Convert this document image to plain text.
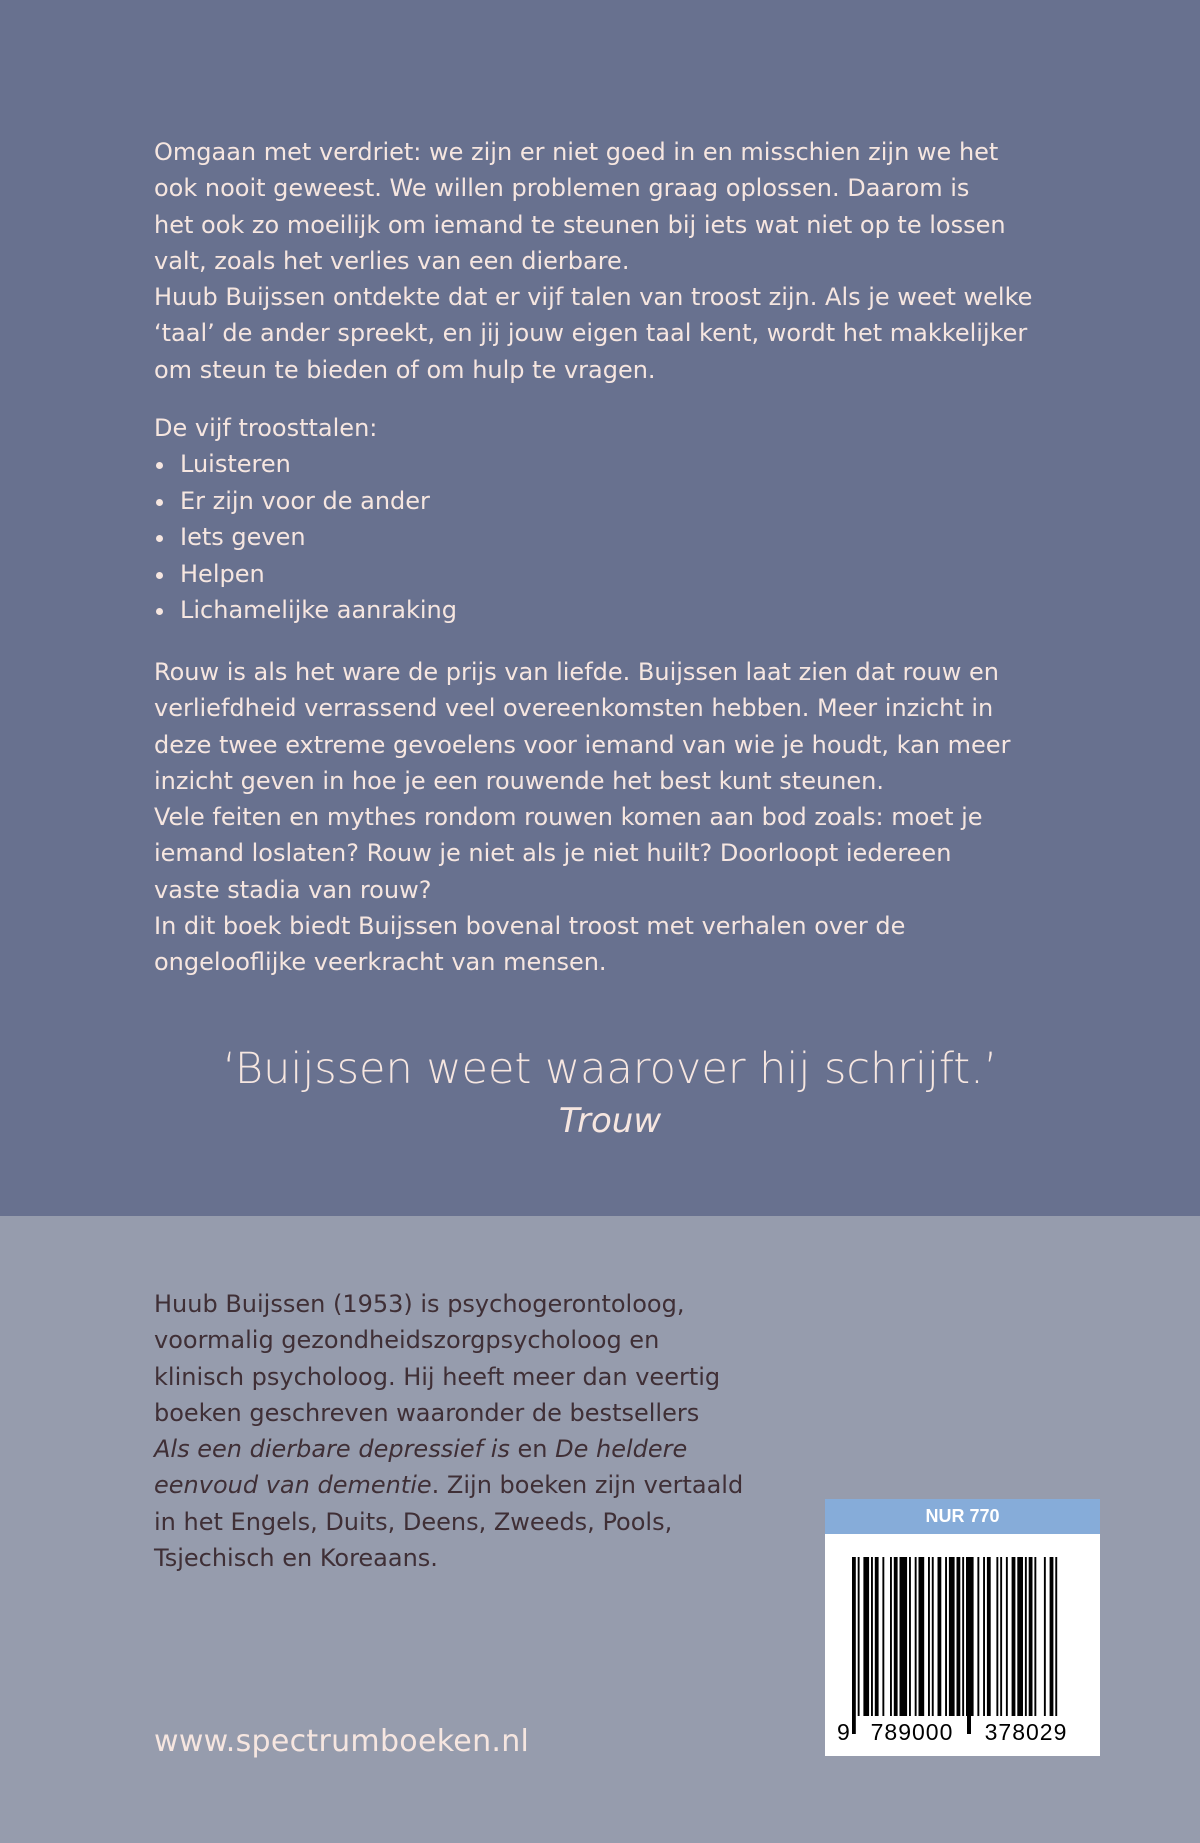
Omgaan met verdriet: we zijn er niet goed in en misschien zijn we het
ook nooit geweest. We willen problemen graag oplossen. Daarom is
het ook zo moeilijk om iemand te steunen bij iets wat niet op te lossen
valt, zoals het verlies van een dierbare.
Huub Buijssen ontdekte dat er vijf talen van troost zijn. Als je weet welke
‘taal’ de ander spreekt, en jij jouw eigen taal kent, wordt het makkelijker
om steun te bieden of om hulp te vragen.

De vijf troosttalen:

Luisteren
Er zijn voor de ander
Iets geven
Helpen
Lichamelijke aanraking

Rouw is als het ware de prijs van liefde. Buijssen laat zien dat rouw en
verliefdheid verrassend veel overeenkomsten hebben. Meer inzicht in
deze twee extreme gevoelens voor iemand van wie je houdt, kan meer
inzicht geven in hoe je een rouwende het best kunt steunen.
Vele feiten en mythes rondom rouwen komen aan bod zoals: moet je
iemand loslaten? Rouw je niet als je niet huilt? Doorloopt iedereen
vaste stadia van rouw?
In dit boek biedt Buijssen bovenal troost met verhalen over de
ongelooflijke veerkracht van mensen.

‘Buijssen weet waarover hij schrijft.’
Trouw

Huub Buijssen (1953) is psychogerontoloog,
voormalig gezondheidszorgpsycholoog en
klinisch psycholoog. Hij heeft meer dan veertig
boeken geschreven waaronder de bestsellers
Als een dierbare depressief is en De heldere
eenvoud van dementie. Zijn boeken zijn vertaald
in het Engels, Duits, Deens, Zweeds, Pools,
Tsjechisch en Koreaans.

www.spectrumboeken.nl
NUR 770
9 789000	378029
